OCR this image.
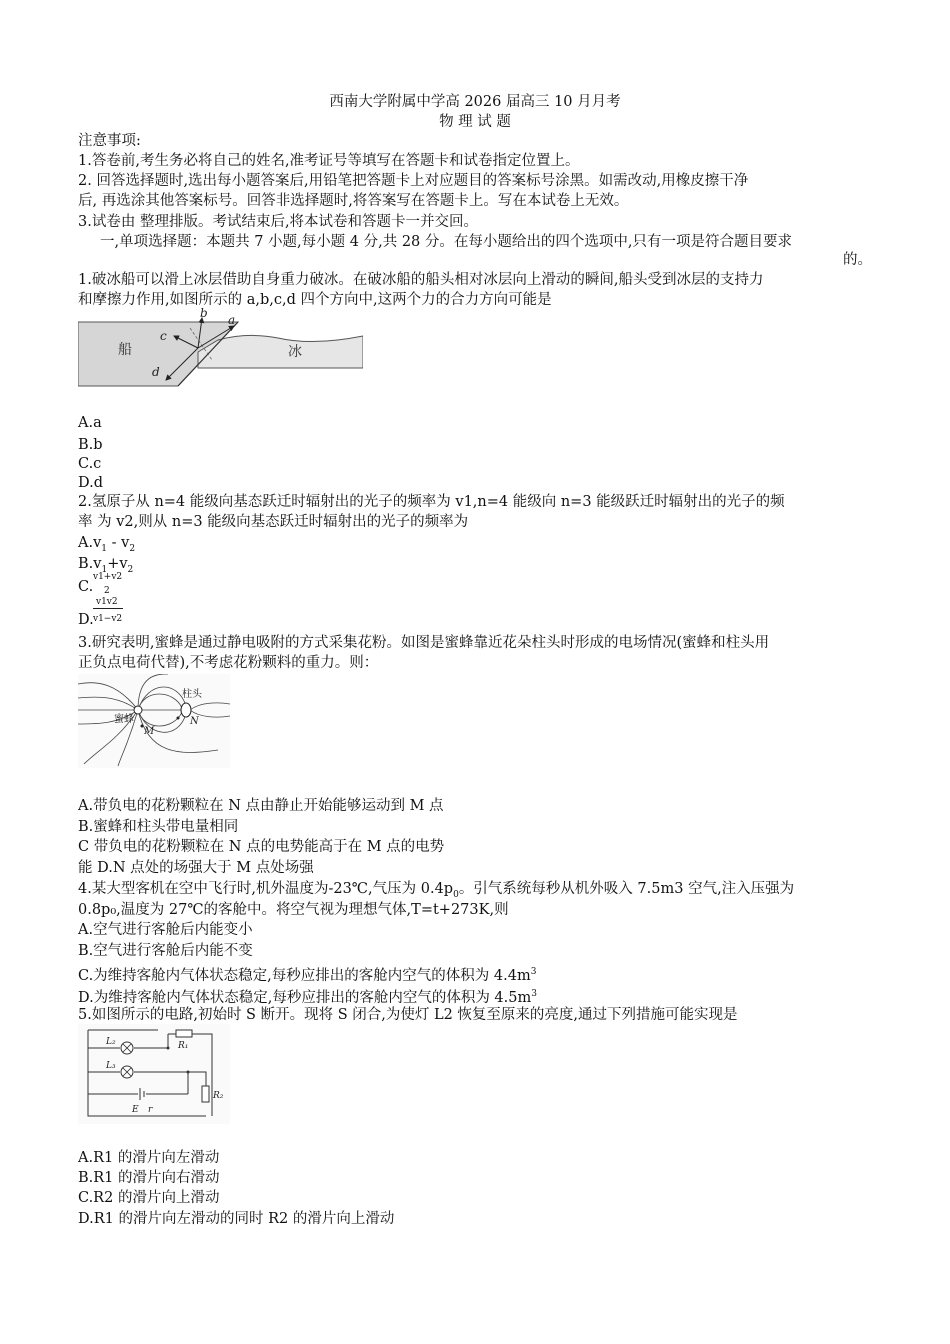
西南大学附属中学高 2026 届高三 10 月月考
物 理 试 题
注意事项:
1.答卷前,考生务必将自己的姓名,准考证号等填写在答题卡和试卷指定位置上。
2. 回答选择题时,选出每小题答案后,用铅笔把答题卡上对应题目的答案标号涂黑。如需改动,用橡皮擦干净
后, 再选涂其他答案标号。回答非选择题时,将答案写在答题卡上。写在本试卷上无效。
3.试卷由 整理排版。考试结束后,将本试卷和答题卡一并交回。
一,单项选择题：本题共 7 小题,每小题 4 分,共 28 分。在每小题给出的四个选项中,只有一项是符合题目要求
的。
1.破冰船可以滑上冰层借助自身重力破冰。在破冰船的船头相对冰层向上滑动的瞬间,船头受到冰层的支持力
和摩擦力作用,如图所示的 a,b,c,d 四个方向中,这两个力的合力方向可能是
船	冰
a
b
c
d
A.a
B.b
C.c
D.d
2.氢原子从 n=4 能级向基态跃迁时辐射出的光子的频率为 v1,n=4 能级向 n=3 能级跃迁时辐射出的光子的频
率 为 v2,则从 n=3 能级向基态跃迁时辐射出的光子的频率为
$A.v_1 - v_2$
$B.v_1+v_2$
C.
v1+v2
2
v1v2
D. v1−v2
3.研究表明,蜜蜂是通过静电吸附的方式采集花粉。如图是蜜蜂靠近花朵柱头时形成的电场情况(蜜蜂和柱头用
正负点电荷代替),不考虑花粉颗料的重力。则：
柱头
蜜蜂	N
M
A.带负电的花粉颗粒在 N 点由静止开始能够运动到 M 点
B.蜜蜂和柱头带电量相同
C 带负电的花粉颗粒在 N 点的电势能高于在 M 点的电势
能 D.N 点处的场强大于 M 点处场强
4.某大型客机在空中飞行时,机外温度为-23℃,气压为 $0.4p_0$。引气系统每秒从机外吸入 7.5m3 空气,注入压强为
0.8p₀,温度为 27℃的客舱中。将空气视为理想气体,T=t+273K,则
A.空气进行客舱后内能变小
B.空气进行客舱后内能不变
C.为维持客舱内气体状态稳定,每秒应排出的客舱内空气的体积为 $4.4m^3$
D.为维持客舱内气体状态稳定,每秒应排出的客舱内空气的体积为 $4.5m^3$
5.如图所示的电路,初始时 S 断开。现将 S 闭合,为使灯 L2 恢复至原来的亮度,通过下列措施可能实现是
L₂
L₃
R₁
R₂
E r
A.R1 的滑片向左滑动
B.R1 的滑片向右滑动
C.R2 的滑片向上滑动
D.R1 的滑片向左滑动的同时 R2 的滑片向上滑动
